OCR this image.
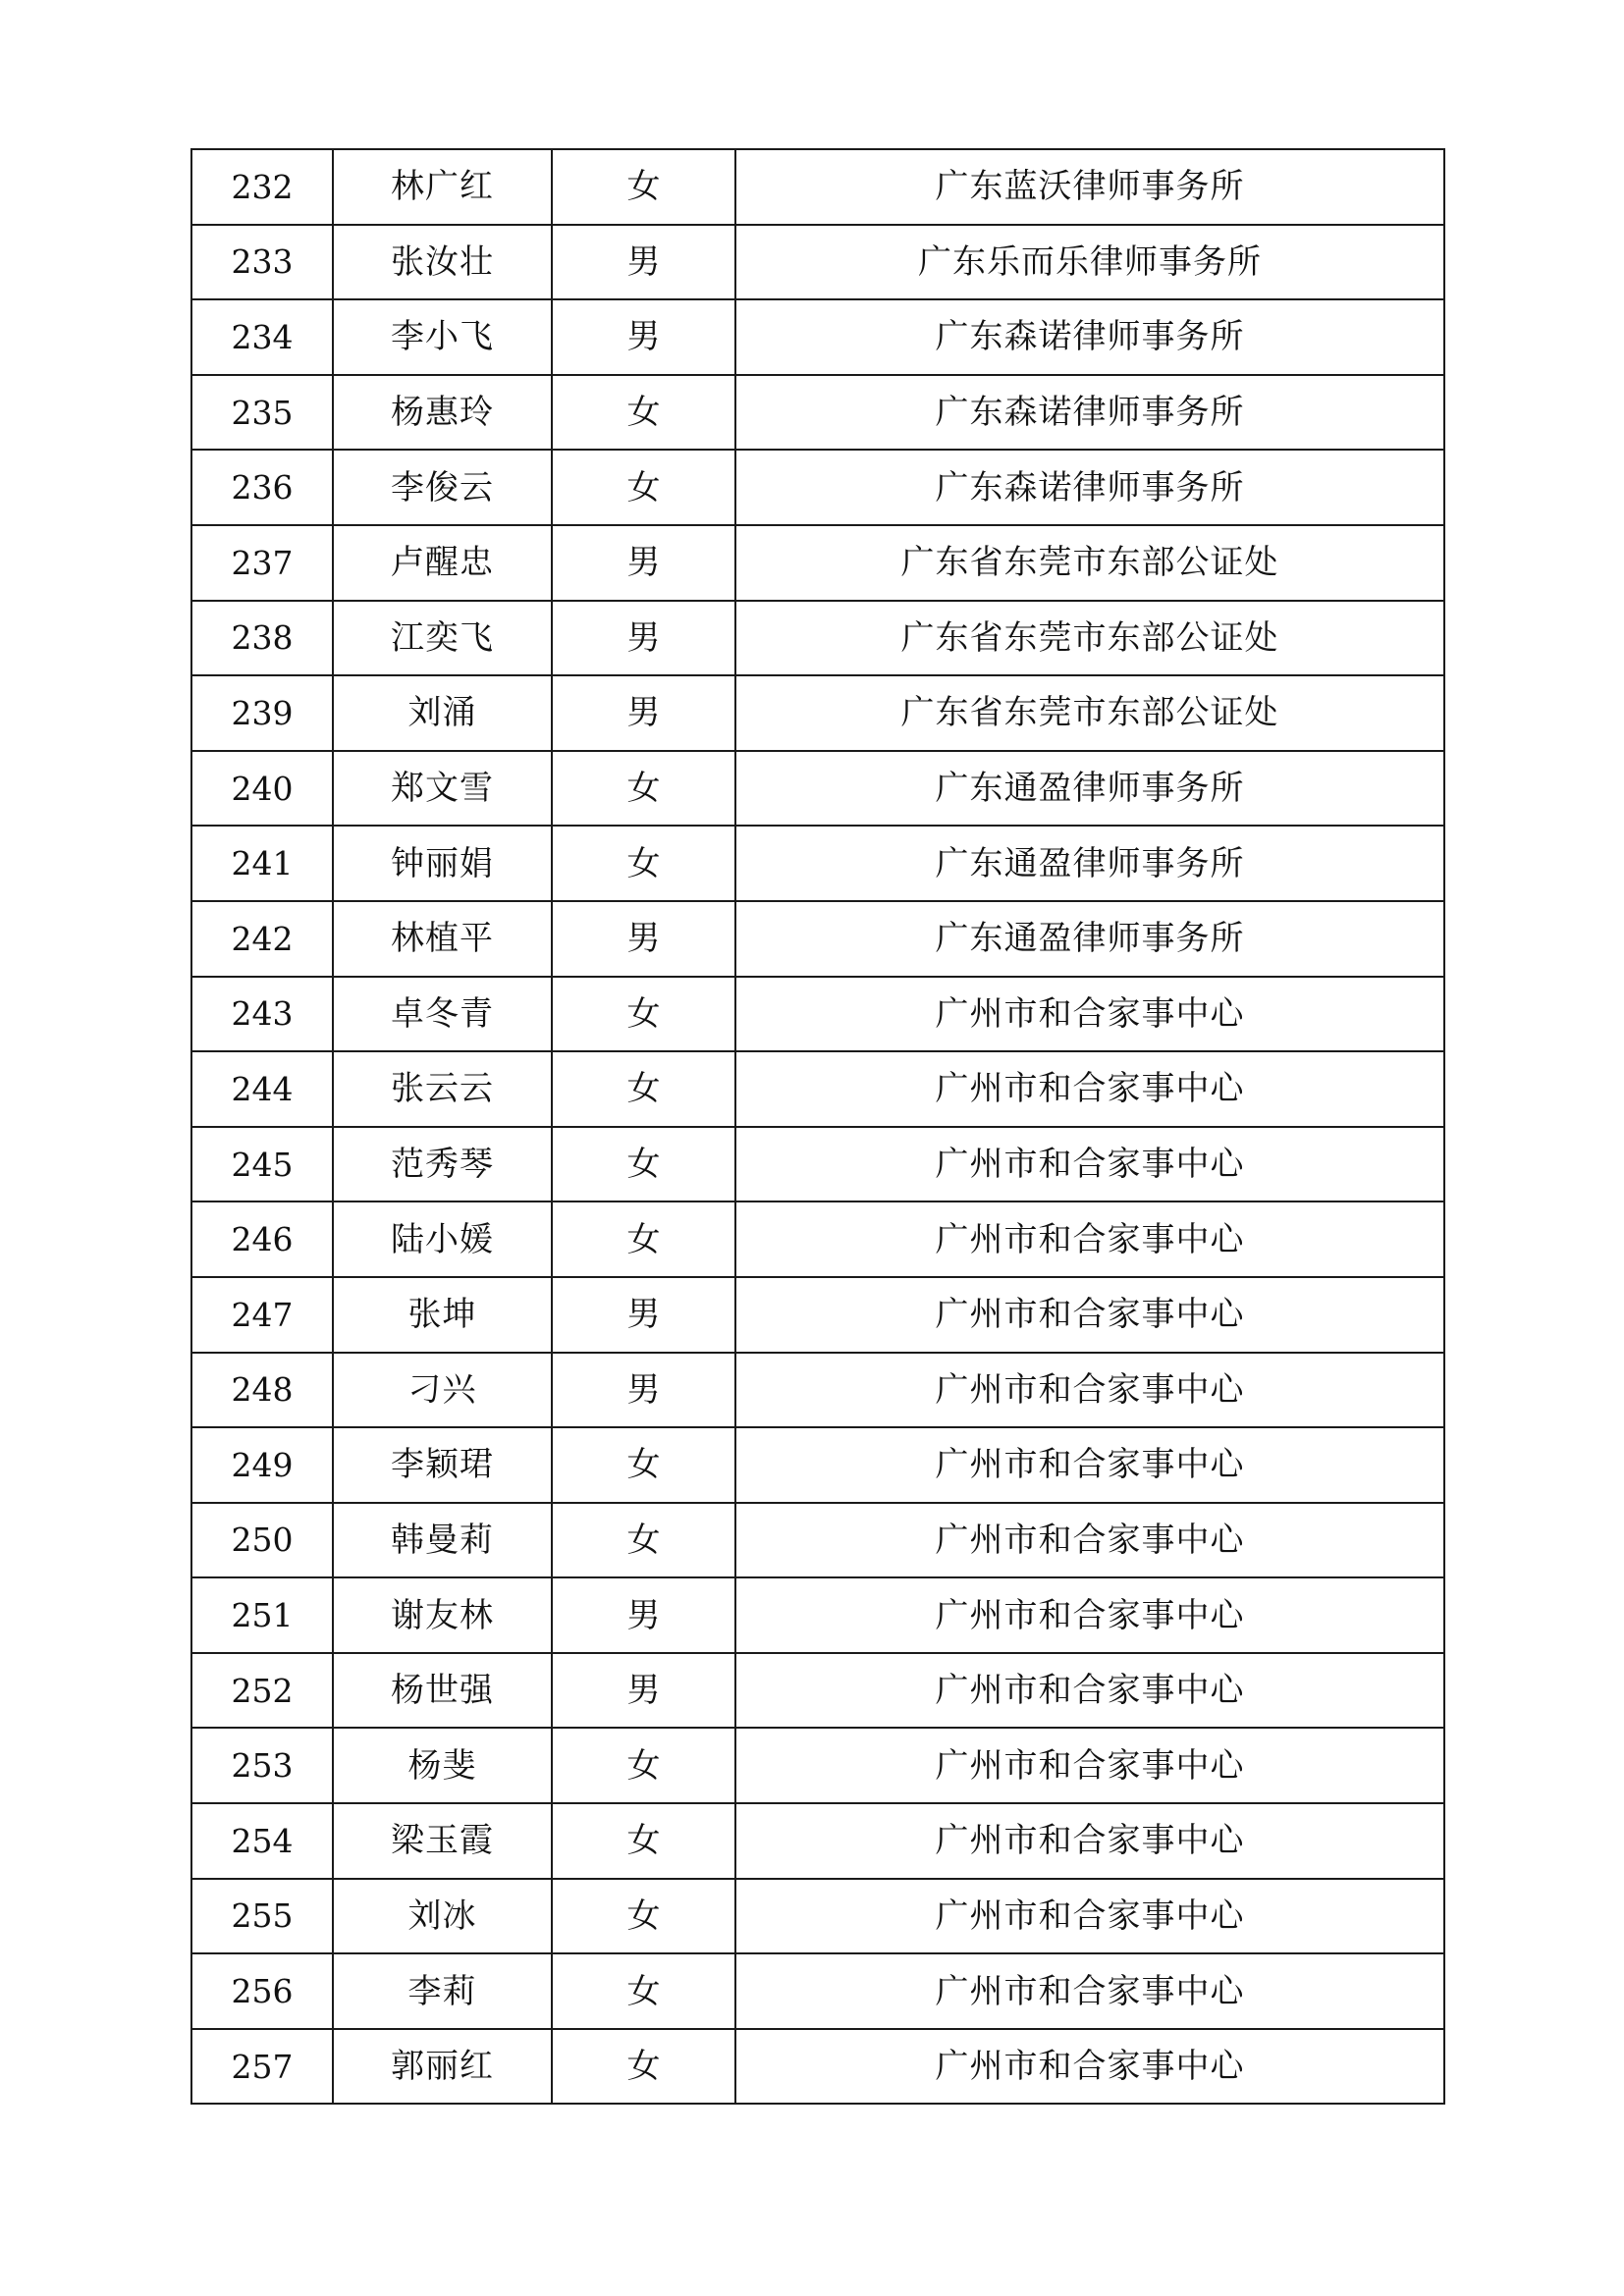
232	林广红	女	广东蓝沃律师事务所
233	张汝壮	男	广东乐而乐律师事务所
234	李小飞	男	广东森诺律师事务所
235	杨惠玲	女	广东森诺律师事务所
236	李俊云	女	广东森诺律师事务所
237	卢醒忠	男	广东省东莞市东部公证处
238	江奕飞	男	广东省东莞市东部公证处
239	刘涌	男	广东省东莞市东部公证处
240	郑文雪	女	广东通盈律师事务所
241	钟丽娟	女	广东通盈律师事务所
242	林植平	男	广东通盈律师事务所
243	卓冬青	女	广州市和合家事中心
244	张云云	女	广州市和合家事中心
245	范秀琴	女	广州市和合家事中心
246	陆小媛	女	广州市和合家事中心
247	张坤	男	广州市和合家事中心
248	刁兴	男	广州市和合家事中心
249	李颖珺	女	广州市和合家事中心
250	韩曼莉	女	广州市和合家事中心
251	谢友林	男	广州市和合家事中心
252	杨世强	男	广州市和合家事中心
253	杨斐	女	广州市和合家事中心
254	梁玉霞	女	广州市和合家事中心
255	刘冰	女	广州市和合家事中心
256	李莉	女	广州市和合家事中心
257	郭丽红	女	广州市和合家事中心
